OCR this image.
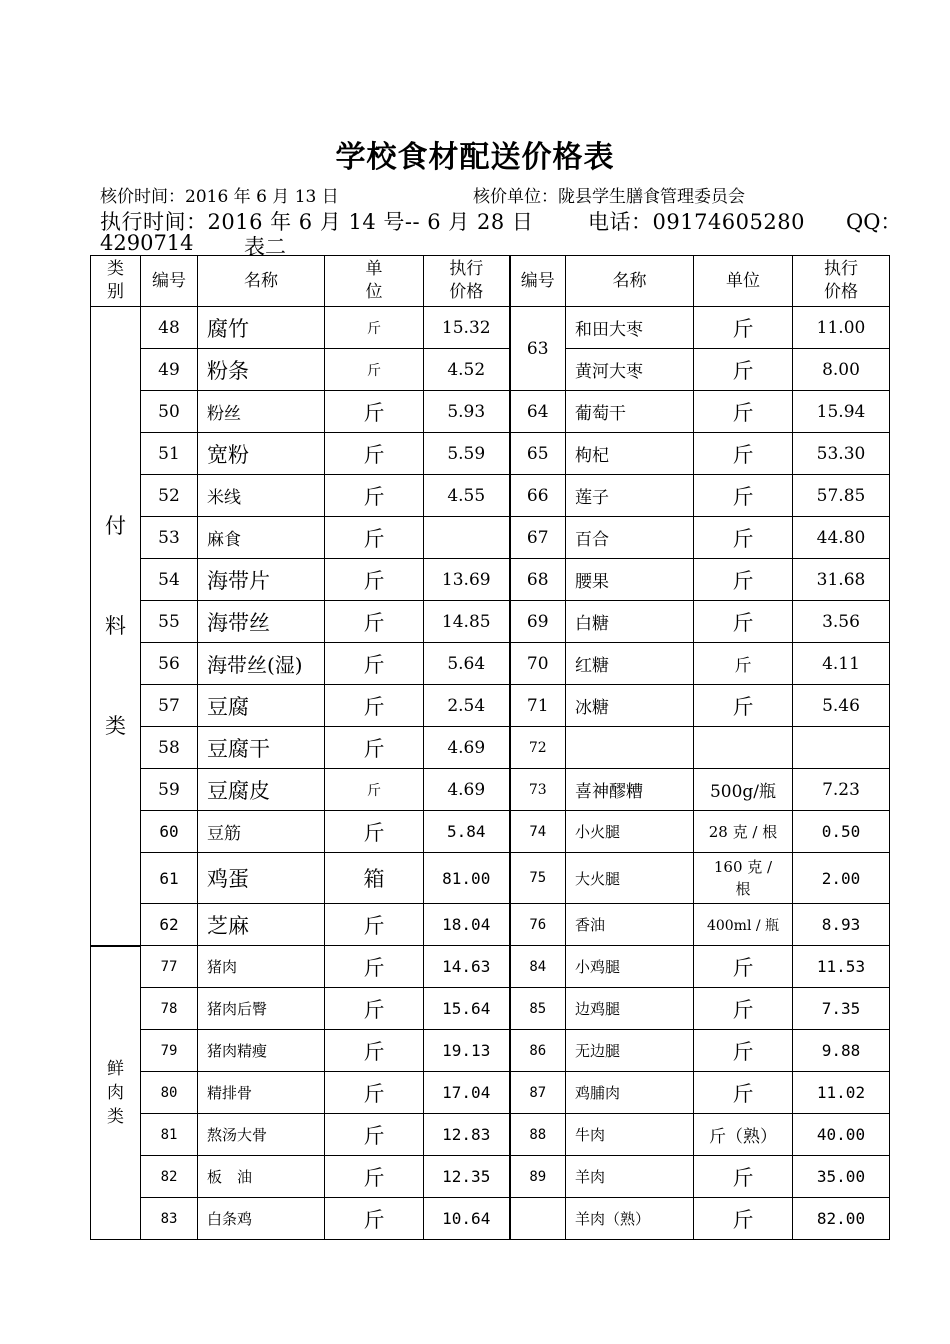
学校食材配送价格表
核价时间：2016 年 6 月 13 日	核价单位：陇县学生膳食管理委员会
执行时间：2016 年 6 月 14 号-- 6 月 28 日	电话：09174605280 QQ：
4290714 表二
类别	编号	名称	单位	执行价格	编号	名称	单位	执行价格
付料类	48	腐竹	斤	15.32	63	和田大枣	斤	11.00
	49	粉条	斤	4.52		黄河大枣	斤	8.00
	50	粉丝	斤	5.93	64	葡萄干	斤	15.94
	51	宽粉	斤	5.59	65	枸杞	斤	53.30
	52	米线	斤	4.55	66	莲子	斤	57.85
	53	麻食	斤		67	百合	斤	44.80
	54	海带片	斤	13.69	68	腰果	斤	31.68
	55	海带丝	斤	14.85	69	白糖	斤	3.56
	56	海带丝(湿)	斤	5.64	70	红糖	斤	4.11
	57	豆腐	斤	2.54	71	冰糖	斤	5.46
	58	豆腐干	斤	4.69	72			
	59	豆腐皮	斤	4.69	73	喜神醪糟	500g/瓶	7.23
	60	豆筋	斤	5.84	74	小火腿	28 克 / 根	0.50
	61	鸡蛋	箱	81.00	75	大火腿	160 克 / 根	2.00
	62	芝麻	斤	18.04	76	香油	400ml / 瓶	8.93
鲜肉类	77	猪肉	斤	14.63	84	小鸡腿	斤	11.53
	78	猪肉后臀	斤	15.64	85	边鸡腿	斤	7.35
	79	猪肉精瘦	斤	19.13	86	无边腿	斤	9.88
	80	精排骨	斤	17.04	87	鸡脯肉	斤	11.02
	81	熬汤大骨	斤	12.83	88	牛肉	斤（熟）	40.00
	82	板　油	斤	12.35	89	羊肉	斤	35.00
	83	白条鸡	斤	10.64		羊肉（熟）	斤	82.00
